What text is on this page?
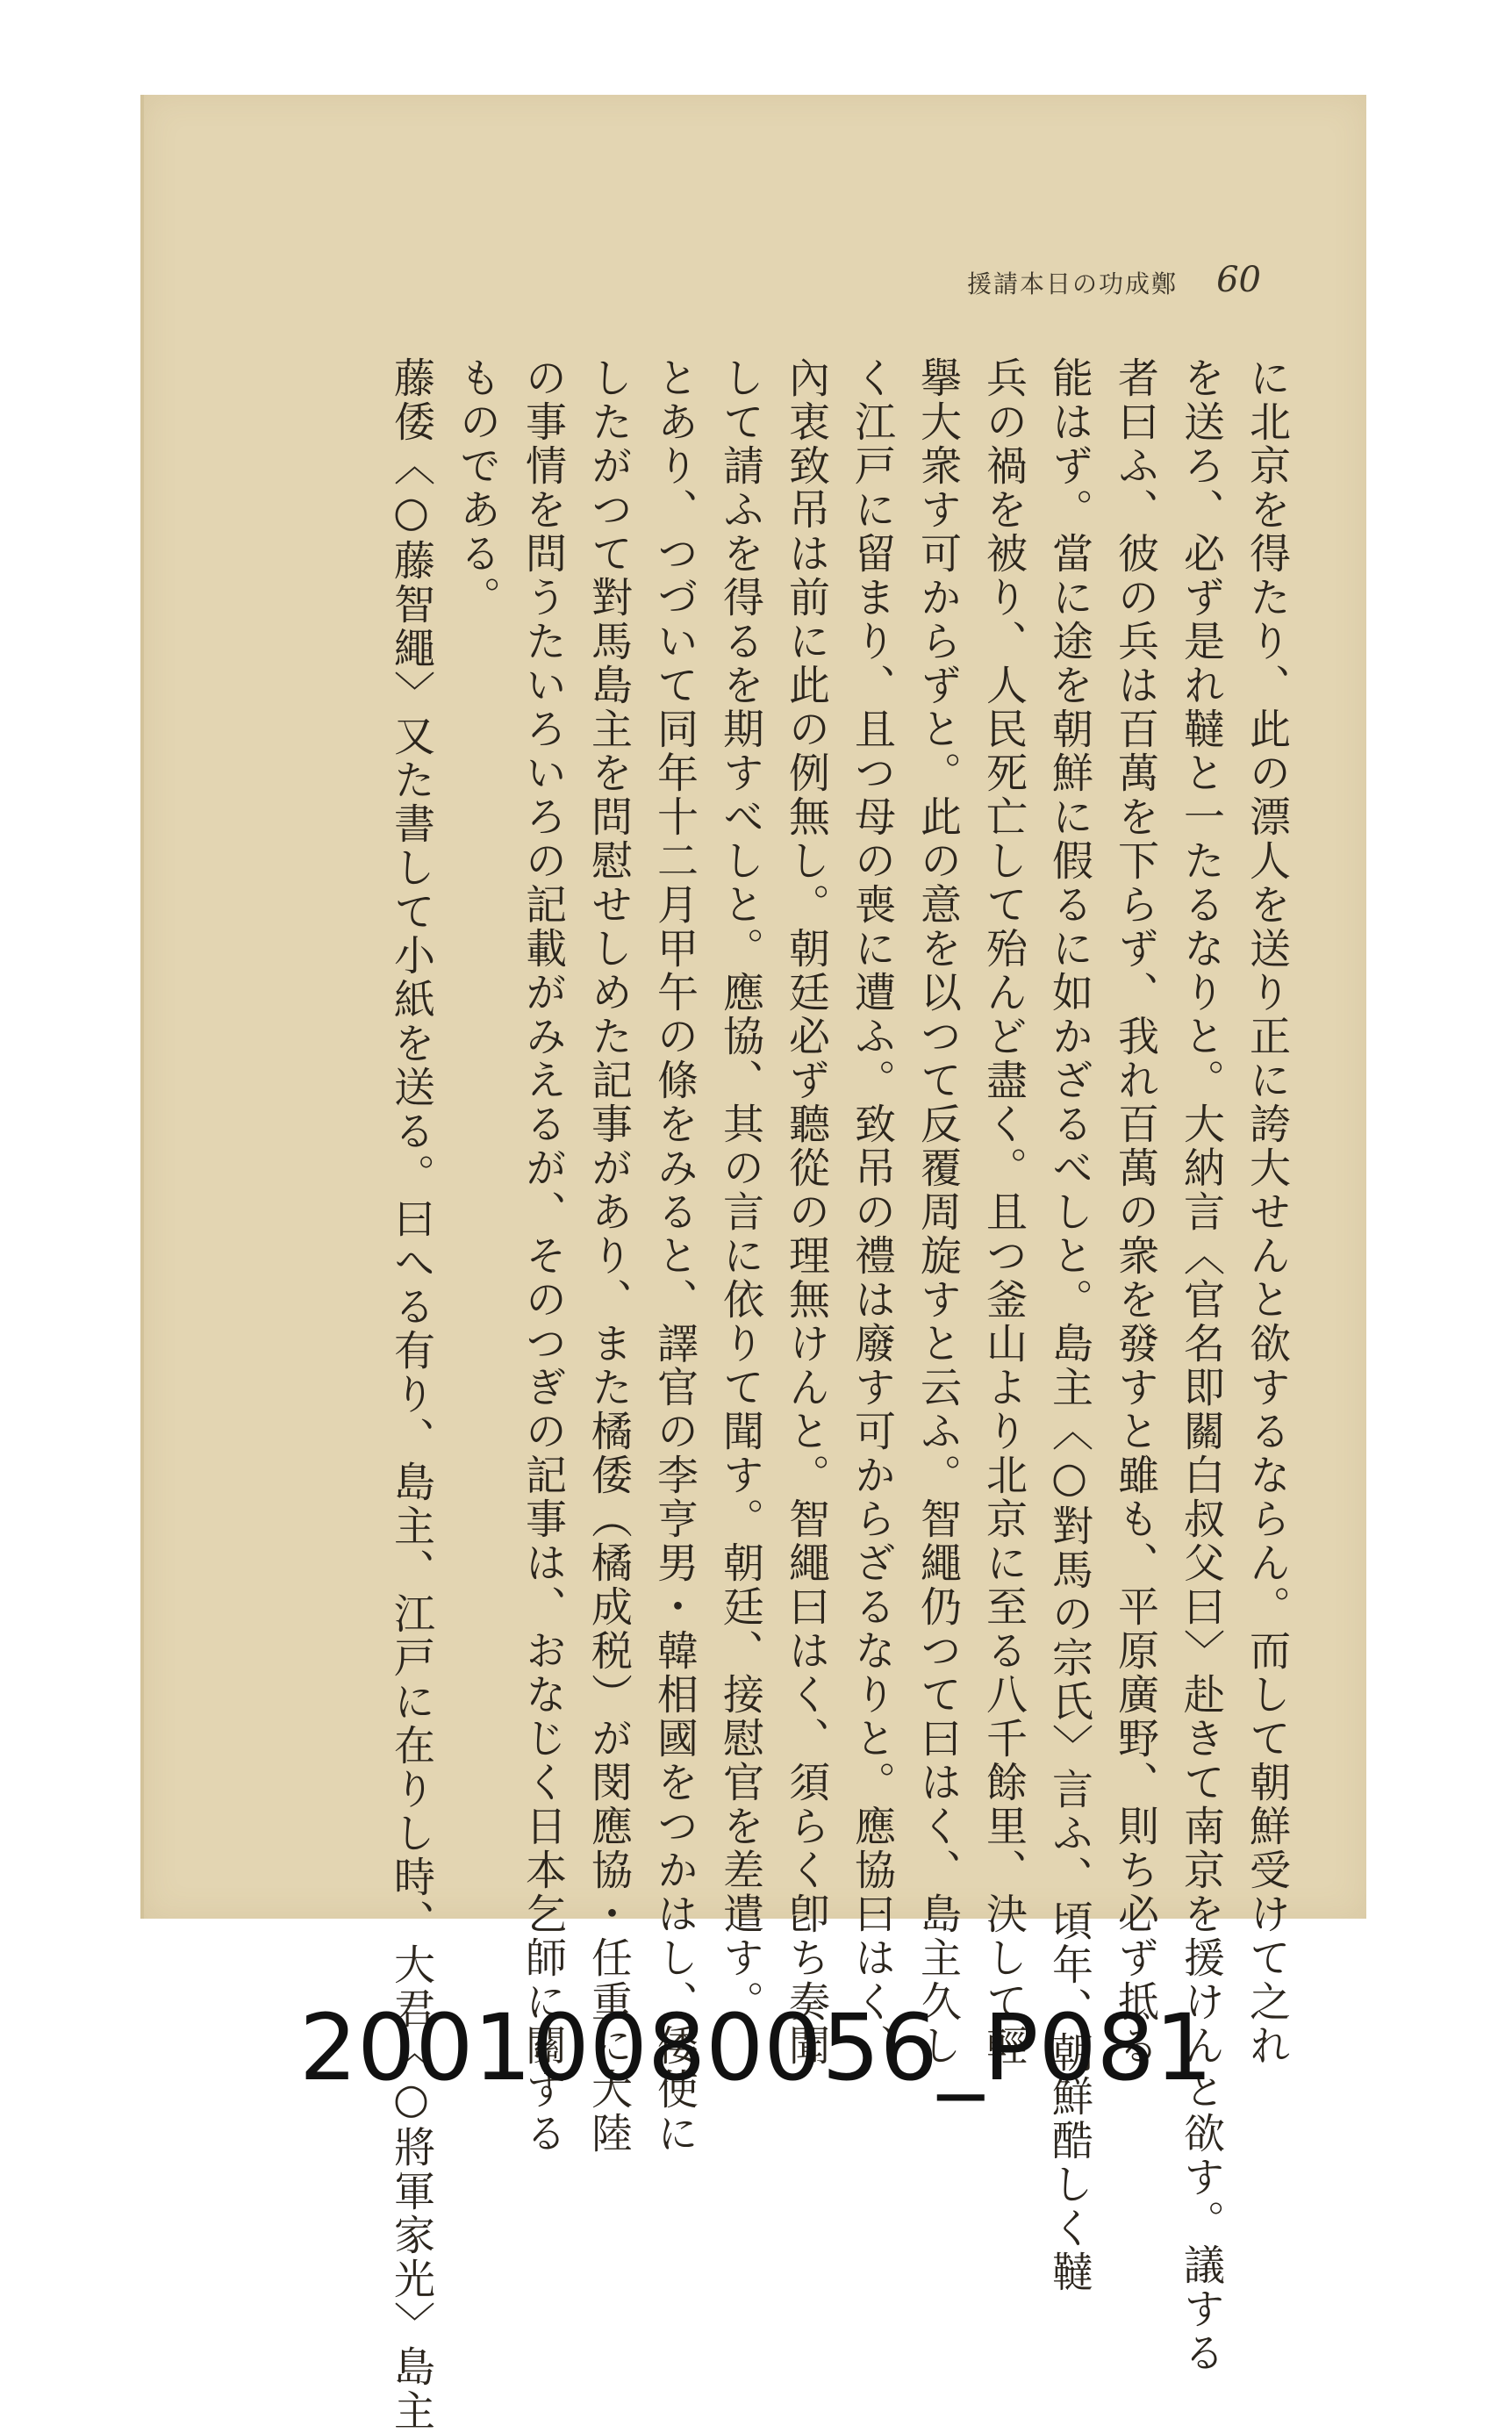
60
鄭成功の日本請援

に北京を得たり、此の漂人を送り正に誇大せんと欲するならん。而して朝鮮受けて之れ

を送ろ、必ず是れ韃と一たるなりと。大納言〈官名即關白叔父曰〉赴きて南京を援けんと欲す。議する

者曰ふ、彼の兵は百萬を下らず、我れ百萬の衆を發すと雖も、平原廣野、則ち必ず抵る

能はず。當に途を朝鮮に假るに如かざるべしと。島主〈○對馬の宗氏〉言ふ、頃年、朝鮮酷しく韃

兵の禍を被り、人民死亡して殆んど盡く。且つ釜山より北京に至る八千餘里、決して輕

擧大衆す可からずと。此の意を以つて反覆周旋すと云ふ。智繩仍つて曰はく、島主久し

く江戸に留まり、且つ母の喪に遭ふ。致吊の禮は廢す可からざるなりと。應協曰はく、

內衷致吊は前に此の例無し。朝廷必ず聽從の理無けんと。智繩曰はく、須らく卽ち奏聞

して請ふを得るを期すべしと。應協、其の言に依りて聞す。朝廷、接慰官を差遣す。

とあり、つづいて同年十二月甲午の條をみると、譯官の李亨男・韓相國をつかはし、倭使に

したがつて對馬島主を問慰せしめた記事があり、また橘倭（橘成税）が閔應協・任重に大陸

の事情を問うたいろいろの記載がみえるが、そのつぎの記事は、おなじく日本乞師に關する

ものである。

藤倭〈○藤智繩〉又た書して小紙を送る。曰へる有り、島主、江戸に在りし時、大君〈○將軍家光〉島主

20010080056_P081
